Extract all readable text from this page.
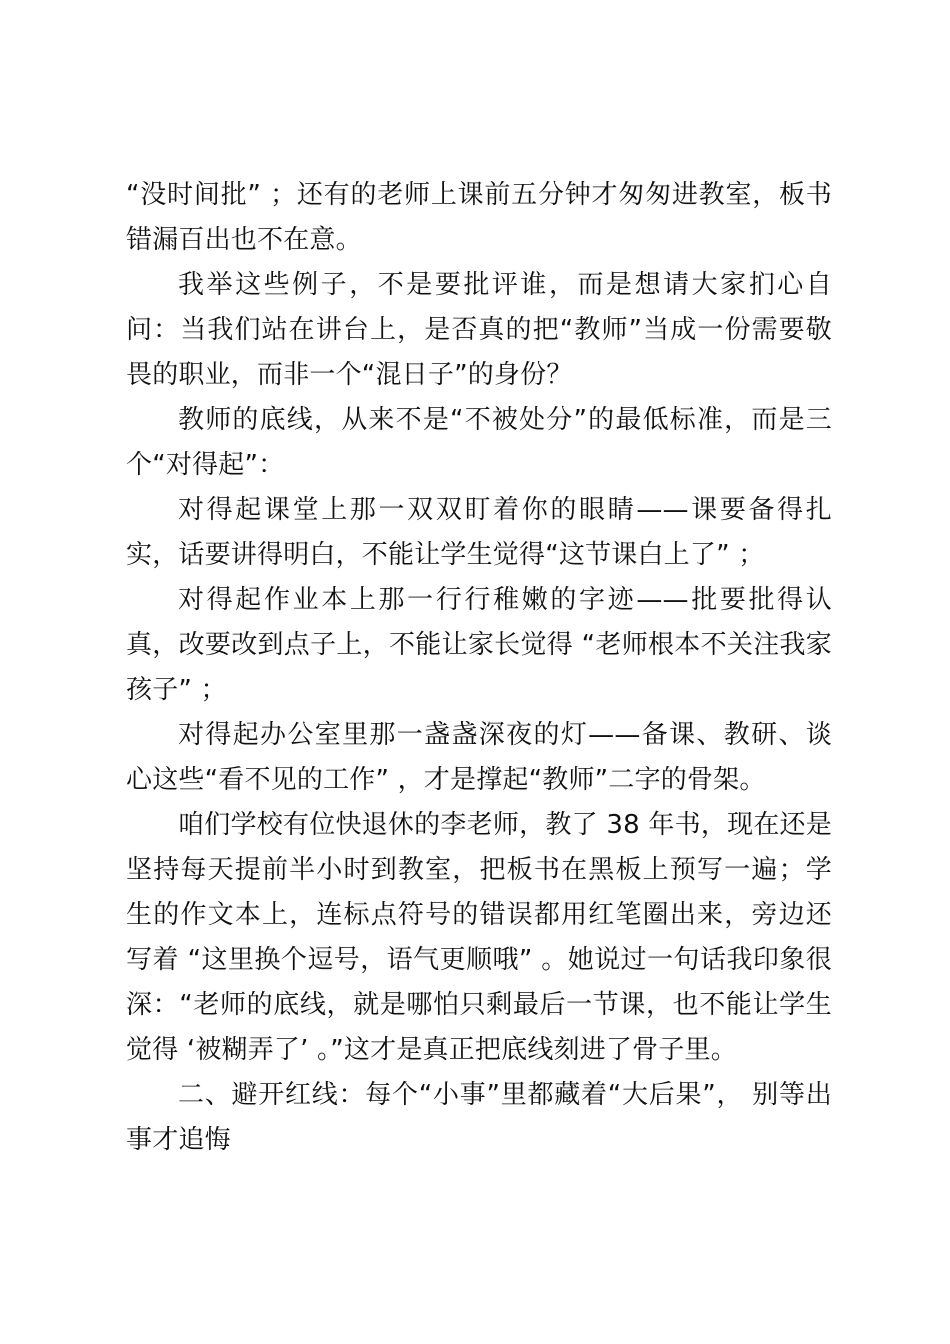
“没时间批” ；还有的老师上课前五分钟才匆匆进教室，板书错漏百出也不在意。

我举这些例子，不是要批评谁，而是想请大家扪心自问：当我们站在讲台上，是否真的把“教师”当成一份需要敬畏的职业，而非一个“混日子”的身份？

教师的底线，从来不是“不被处分”的最低标准，而是三个“对得起”：

对得起课堂上那一双双盯着你的眼睛——课要备得扎实，话要讲得明白，不能让学生觉得“这节课白上了” ；

对得起作业本上那一行行稚嫩的字迹——批要批得认真，改要改到点子上，不能让家长觉得 “老师根本不关注我家孩子” ；

对得起办公室里那一盏盏深夜的灯——备课、教研、谈心这些“看不见的工作” ，才是撑起“教师”二字的骨架。

咱们学校有位快退休的李老师，教了 38 年书，现在还是坚持每天提前半小时到教室，把板书在黑板上预写一遍；学生的作文本上，连标点符号的错误都用红笔圈出来，旁边还写着 “这里换个逗号，语气更顺哦” 。她说过一句话我印象很深：“老师的底线，就是哪怕只剩最后一节课，也不能让学生觉得 ‘被糊弄了’ 。”这才是真正把底线刻进了骨子里。

二、避开红线：每个“小事”里都藏着“大后果”， 别等出事才追悔
